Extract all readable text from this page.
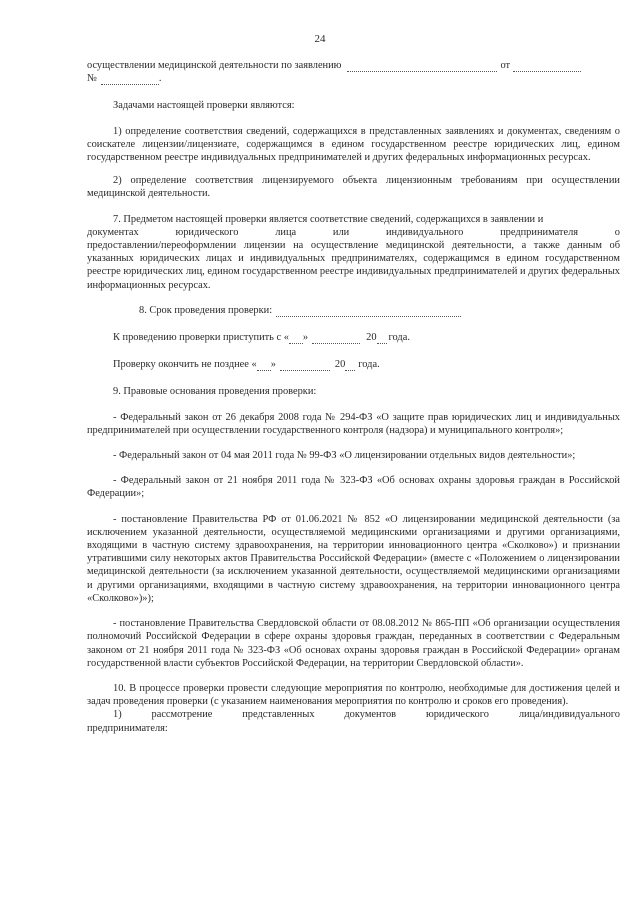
24
осуществлении медицинской деятельности по заявлению	от
№	.

Задачами настоящей проверки являются:

1) определение соответствия сведений, содержащихся в представленных заявлениях и документах, сведениям о соискателе лицензии/лицензиате, содержащимся в едином государственном реестре юридических лиц, едином государственном реестре индивидуальных предпринимателей и других федеральных информационных ресурсах.

2) определение соответствия лицензируемого объекта лицензионным требованиям при осуществлении медицинской деятельности.

7. Предметом настоящей проверки является соответствие сведений, содержащихся в заявлении и

документах	юридического	лица	или	индивидуального	предпринимателя	о

предоставлении/переоформлении лицензии на осуществление медицинской деятельности, а также данным об указанных юридических лицах и индивидуальных предпринимателях, содержащимся в едином государственном реестре юридических лиц, едином государственном реестре индивидуальных предпринимателей и других федеральных информационных ресурсах.

8. Срок проведения проверки:
К проведению проверки приступить с « »	20 года.
Проверку окончить не позднее « »	20 года.

9. Правовые основания проведения проверки:

- Федеральный закон от 26 декабря 2008 года № 294-ФЗ «О защите прав юридических лиц и индивидуальных предпринимателей при осуществлении государственного контроля (надзора) и муниципального контроля»;

- Федеральный закон от 04 мая 2011 года № 99-ФЗ «О лицензировании отдельных видов деятельности»;

- Федеральный закон от 21 ноября 2011 года № 323-ФЗ «Об основах охраны здоровья граждан в Российской Федерации»;

- постановление Правительства РФ от 01.06.2021 № 852 «О лицензировании медицинской деятельности (за исключением указанной деятельности, осуществляемой медицинскими организациями и другими организациями, входящими в частную систему здравоохранения, на территории инновационного центра «Сколково») и признании утратившими силу некоторых актов Правительства Российской Федерации» (вместе с «Положением о лицензировании медицинской деятельности (за исключением указанной деятельности, осуществляемой медицинскими организациями и другими организациями, входящими в частную систему здравоохранения, на территории инновационного центра «Сколково»)»);

- постановление Правительства Свердловской области от 08.08.2012 № 865-ПП «Об организации осуществления полномочий Российской Федерации в сфере охраны здоровья граждан, переданных в соответствии с Федеральным законом от 21 ноября 2011 года № 323-ФЗ «Об основах охраны здоровья граждан в Российской Федерации» органам государственной власти субъектов Российской Федерации, на территории Свердловской области».

10. В процессе проверки провести следующие мероприятия по контролю, необходимые для достижения целей и задач проведения проверки (с указанием наименования мероприятия по контролю и сроков его проведения).

1)	рассмотрение	представленных	документов	юридического	лица/индивидуального

предпринимателя:
